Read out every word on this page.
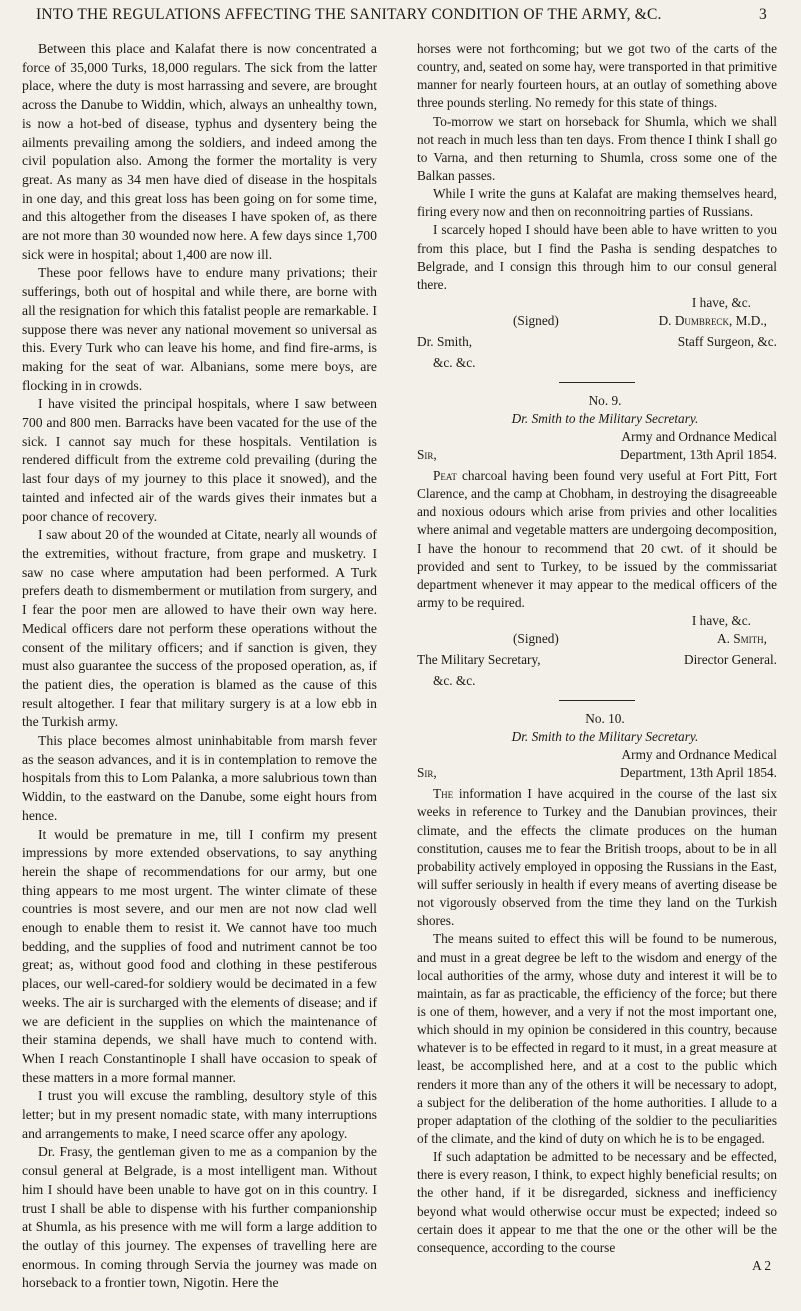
INTO THE REGULATIONS AFFECTING THE SANITARY CONDITION OF THE ARMY, &C.	3

Between this place and Kalafat there is now concentrated a force of 35,000 Turks, 18,000 regulars. The sick from the latter place, where the duty is most harrassing and severe, are brought across the Danube to Widdin, which, always an unhealthy town, is now a hot-bed of disease, typhus and dysentery being the ailments prevailing among the soldiers, and indeed among the civil population also. Among the former the mortality is very great. As many as 34 men have died of disease in the hospitals in one day, and this great loss has been going on for some time, and this altogether from the diseases I have spoken of, as there are not more than 30 wounded now here. A few days since 1,700 sick were in hospital; about 1,400 are now ill.

These poor fellows have to endure many privations; their sufferings, both out of hospital and while there, are borne with all the resignation for which this fatalist people are remarkable. I suppose there was never any national movement so universal as this. Every Turk who can leave his home, and find fire-arms, is making for the seat of war. Albanians, some mere boys, are flocking in in crowds.

I have visited the principal hospitals, where I saw between 700 and 800 men. Barracks have been vacated for the use of the sick. I cannot say much for these hospitals. Ventilation is rendered difficult from the extreme cold prevailing (during the last four days of my journey to this place it snowed), and the tainted and infected air of the wards gives their inmates but a poor chance of recovery.

I saw about 20 of the wounded at Citate, nearly all wounds of the extremities, without fracture, from grape and musketry. I saw no case where amputation had been performed. A Turk prefers death to dismemberment or mutilation from surgery, and I fear the poor men are allowed to have their own way here. Medical officers dare not perform these operations without the consent of the military officers; and if sanction is given, they must also guarantee the success of the proposed operation, as, if the patient dies, the operation is blamed as the cause of this result altogether. I fear that military surgery is at a low ebb in the Turkish army.

This place becomes almost uninhabitable from marsh fever as the season advances, and it is in contemplation to remove the hospitals from this to Lom Palanka, a more salubrious town than Widdin, to the eastward on the Danube, some eight hours from hence.

It would be premature in me, till I confirm my present impressions by more extended observations, to say anything herein the shape of recommendations for our army, but one thing appears to me most urgent. The winter climate of these countries is most severe, and our men are not now clad well enough to enable them to resist it. We cannot have too much bedding, and the supplies of food and nutriment cannot be too great; as, without good food and clothing in these pestiferous places, our well-cared-for soldiery would be decimated in a few weeks. The air is surcharged with the elements of disease; and if we are deficient in the supplies on which the maintenance of their stamina depends, we shall have much to contend with. When I reach Constantinople I shall have occasion to speak of these matters in a more formal manner.

I trust you will excuse the rambling, desultory style of this letter; but in my present nomadic state, with many interruptions and arrangements to make, I need scarce offer any apology.

Dr. Frasy, the gentleman given to me as a companion by the consul general at Belgrade, is a most intelligent man. Without him I should have been unable to have got on in this country. I trust I shall be able to dispense with his further companionship at Shumla, as his presence with me will form a large addition to the outlay of this journey. The expenses of travelling here are enormous. In coming through Servia the journey was made on horseback to a frontier town, Nigotin. Here the

horses were not forthcoming; but we got two of the carts of the country, and, seated on some hay, were transported in that primitive manner for nearly fourteen hours, at an outlay of something above three pounds sterling. No remedy for this state of things.

To-morrow we start on horseback for Shumla, which we shall not reach in much less than ten days. From thence I think I shall go to Varna, and then returning to Shumla, cross some one of the Balkan passes.

While I write the guns at Kalafat are making themselves heard, firing every now and then on reconnoitring parties of Russians.

I scarcely hoped I should have been able to have written to you from this place, but I find the Pasha is sending despatches to Belgrade, and I consign this through him to our consul general there.

I have, &c.

(Signed)	D. Dumbreck, M.D.,
Dr. Smith,	Staff Surgeon, &c.

&c. &c.

No. 9.

Dr. Smith to the Military Secretary.

Army and Ordnance Medical

Sir,	Department, 13th April 1854.

Peat charcoal having been found very useful at Fort Pitt, Fort Clarence, and the camp at Chobham, in destroying the disagreeable and noxious odours which arise from privies and other localities where animal and vegetable matters are undergoing decomposition, I have the honour to recommend that 20 cwt. of it should be provided and sent to Turkey, to be issued by the commissariat department whenever it may appear to the medical officers of the army to be required.

I have, &c.

(Signed)	A. Smith,
The Military Secretary,	Director General.

&c. &c.

No. 10.

Dr. Smith to the Military Secretary.

Army and Ordnance Medical

Sir,	Department, 13th April 1854.

The information I have acquired in the course of the last six weeks in reference to Turkey and the Danubian provinces, their climate, and the effects the climate produces on the human constitution, causes me to fear the British troops, about to be in all probability actively employed in opposing the Russians in the East, will suffer seriously in health if every means of averting disease be not vigorously observed from the time they land on the Turkish shores.

The means suited to effect this will be found to be numerous, and must in a great degree be left to the wisdom and energy of the local authorities of the army, whose duty and interest it will be to maintain, as far as practicable, the efficiency of the force; but there is one of them, however, and a very if not the most important one, which should in my opinion be considered in this country, because whatever is to be effected in regard to it must, in a great measure at least, be accomplished here, and at a cost to the public which renders it more than any of the others it will be necessary to adopt, a subject for the deliberation of the home authorities. I allude to a proper adaptation of the clothing of the soldier to the peculiarities of the climate, and the kind of duty on which he is to be engaged.

If such adaptation be admitted to be necessary and be effected, there is every reason, I think, to expect highly beneficial results; on the other hand, if it be disregarded, sickness and inefficiency beyond what would otherwise occur must be expected; indeed so certain does it appear to me that the one or the other will be the consequence, according to the course

A 2
